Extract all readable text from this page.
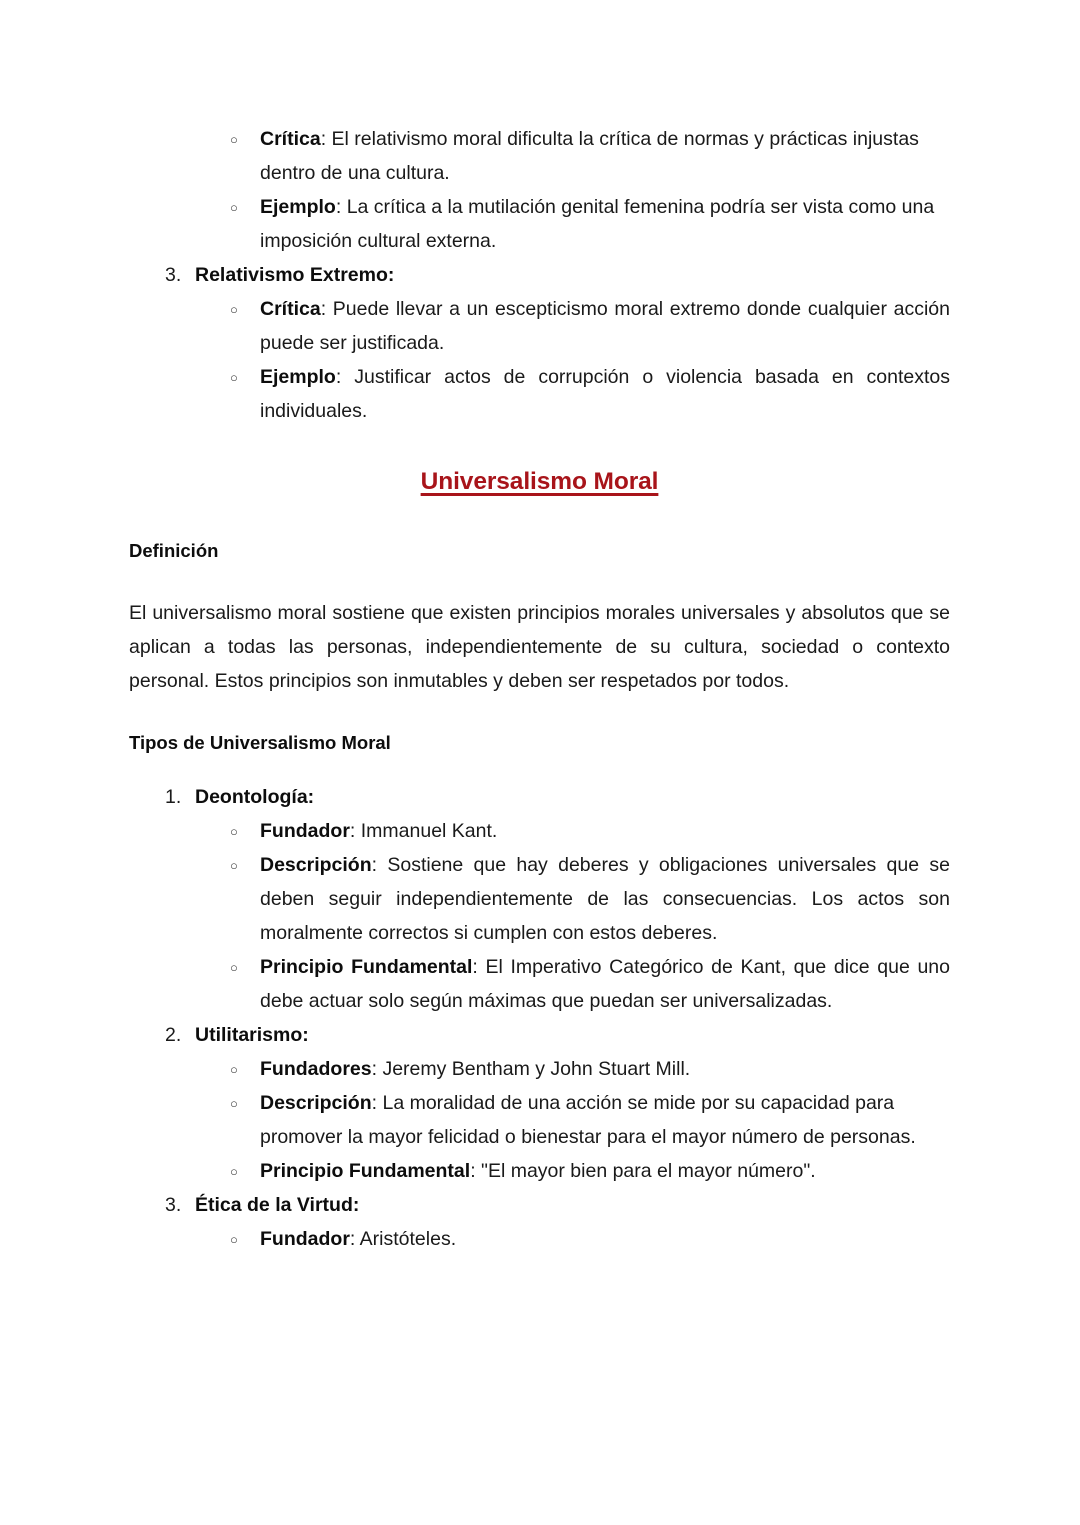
○ Crítica: El relativismo moral dificulta la crítica de normas y prácticas injustas dentro de una cultura.
○ Ejemplo: La crítica a la mutilación genital femenina podría ser vista como una imposición cultural externa.
3. Relativismo Extremo:
○ Crítica: Puede llevar a un escepticismo moral extremo donde cualquier acción puede ser justificada.
○ Ejemplo: Justificar actos de corrupción o violencia basada en contextos individuales.
Universalismo Moral
Definición

El universalismo moral sostiene que existen principios morales universales y absolutos que se aplican a todas las personas, independientemente de su cultura, sociedad o contexto personal. Estos principios son inmutables y deben ser respetados por todos.

Tipos de Universalismo Moral
1. Deontología:
○ Fundador: Immanuel Kant.
○ Descripción: Sostiene que hay deberes y obligaciones universales que se deben seguir independientemente de las consecuencias. Los actos son moralmente correctos si cumplen con estos deberes.
○ Principio Fundamental: El Imperativo Categórico de Kant, que dice que uno debe actuar solo según máximas que puedan ser universalizadas.
2. Utilitarismo:
○ Fundadores: Jeremy Bentham y John Stuart Mill.
○ Descripción: La moralidad de una acción se mide por su capacidad para promover la mayor felicidad o bienestar para el mayor número de personas.
○ Principio Fundamental: "El mayor bien para el mayor número".
3. Ética de la Virtud:
○ Fundador: Aristóteles.
